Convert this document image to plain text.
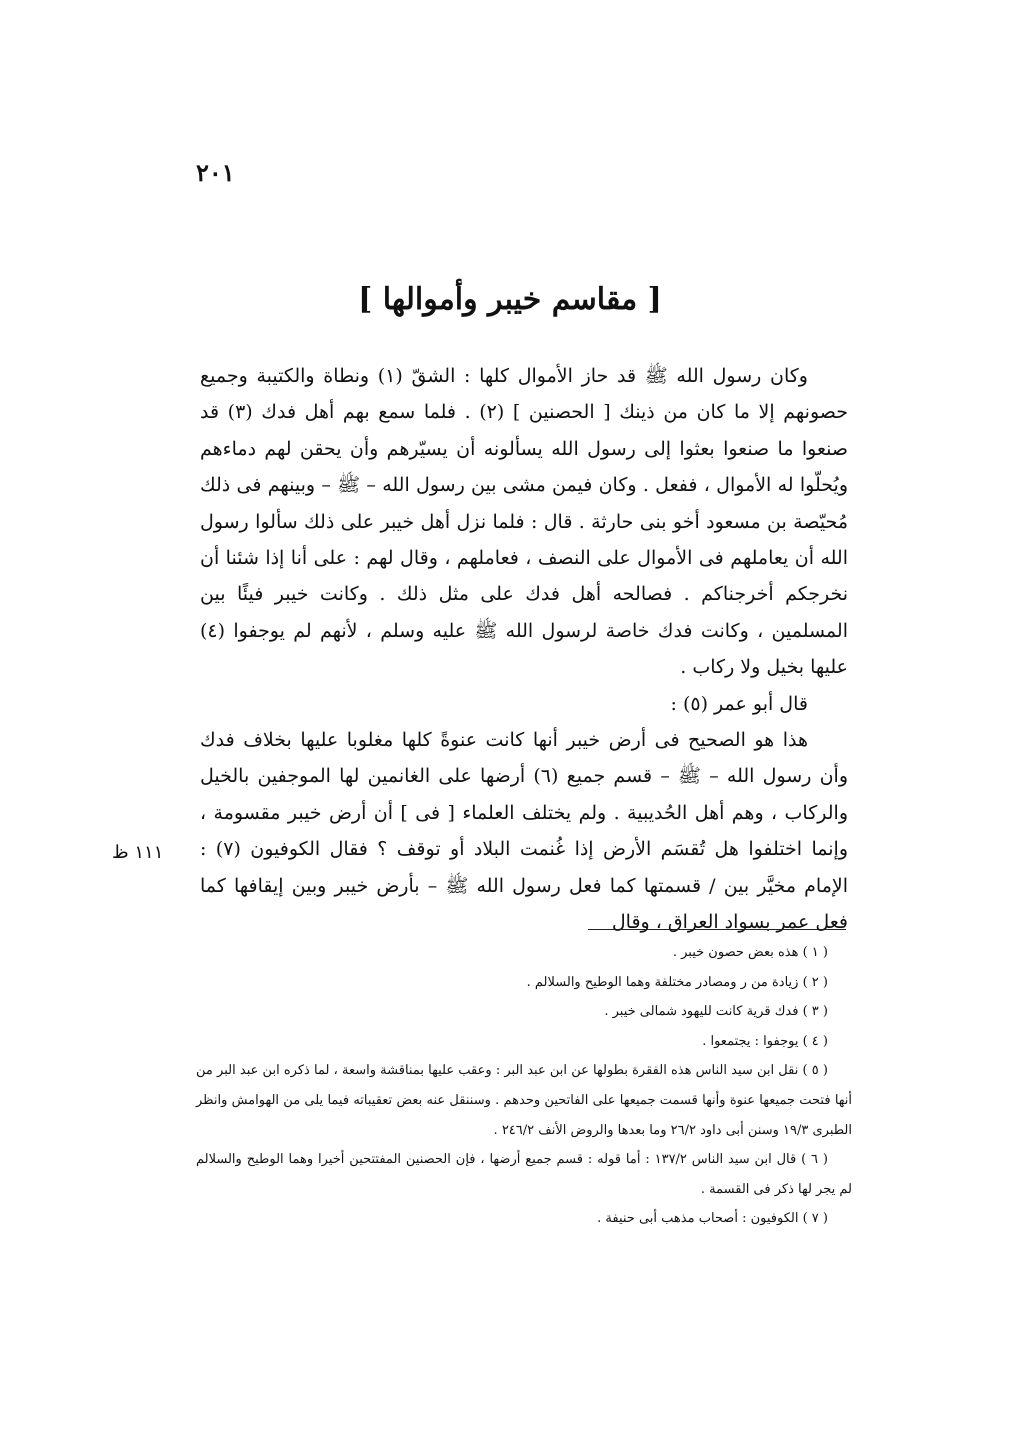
٢٠١
[ مقاسم خيبر وأموالها ]

وكان رسول الله ﷺ قد حاز الأموال كلها : الشقّ (١) ونطاة والكتيبة وجميع حصونهم إلا ما كان من ذينك [ الحصنين ] (٢) . فلما سمع بهم أهل فدك (٣) قد صنعوا ما صنعوا بعثوا إلى رسول الله يسألونه أن يسيّرهم وأن يحقن لهم دماءهم ويُحلّوا له الأموال ، ففعل . وكان فيمن مشى بين رسول الله – ﷺ – وبينهم فى ذلك مُحيّصة بن مسعود أخو بنى حارثة . قال : فلما نزل أهل خيبر على ذلك سألوا رسول الله أن يعاملهم فى الأموال على النصف ، فعاملهم ، وقال لهم : على أنا إذا شئنا أن نخرجكم أخرجناكم . فصالحه أهل فدك على مثل ذلك . وكانت خيبر فيئًا بين المسلمين ، وكانت فدك خاصة لرسول الله ﷺ عليه وسلم ، لأنهم لم يوجفوا (٤) عليها بخيل ولا ركاب .

قال أبو عمر (٥) :

هذا هو الصحيح فى أرض خيبر أنها كانت عنوةً كلها مغلوبا عليها بخلاف فدك وأن رسول الله – ﷺ – قسم جميع (٦) أرضها على الغانمين لها الموجفين بالخيل والركاب ، وهم أهل الحُديبية . ولم يختلف العلماء [ فى ] أن أرض خيبر مقسومة ، وإنما اختلفوا هل تُقسَم الأرض إذا غُنمت البلاد أو توقف ؟ فقال الكوفيون (٧) : الإمام مخيَّر بين / قسمتها كما فعل رسول الله ﷺ – بأرض خيبر وبين إيقافها كما فعل عمر بسواد العراق ، وقال

١١١ ظ

( ١ ) هذه بعض حصون خيبر .

( ٢ ) زيادة من ر ومصادر مختلفة وهما الوطيح والسلالم .

( ٣ ) فدك قرية كانت لليهود شمالى خيبر .

( ٤ ) يوجفوا : يجتمعوا .

( ٥ ) نقل ابن سيد الناس هذه الفقرة بطولها عن ابن عبد البر : وعقب عليها بمناقشة واسعة ، لما ذكره ابن عبد البر من أنها فتحت جميعها عنوة وأنها قسمت جميعها على الفاتحين وحدهم . وسننقل عنه بعض تعقيباته فيما يلى من الهوامش وانظر الطبرى ١٩/٣ وسنن أبى داود ٢٦/٢ وما بعدها والروض الأنف ٢٤٦/٢ .

( ٦ ) قال ابن سيد الناس ١٣٧/٢ : أما قوله : قسم جميع أرضها ، فإن الحصنين المفتتحين أخيرا وهما الوطيح والسلالم لم يجر لها ذكر فى القسمة .

( ٧ ) الكوفيون : أصحاب مذهب أبى حنيفة .
